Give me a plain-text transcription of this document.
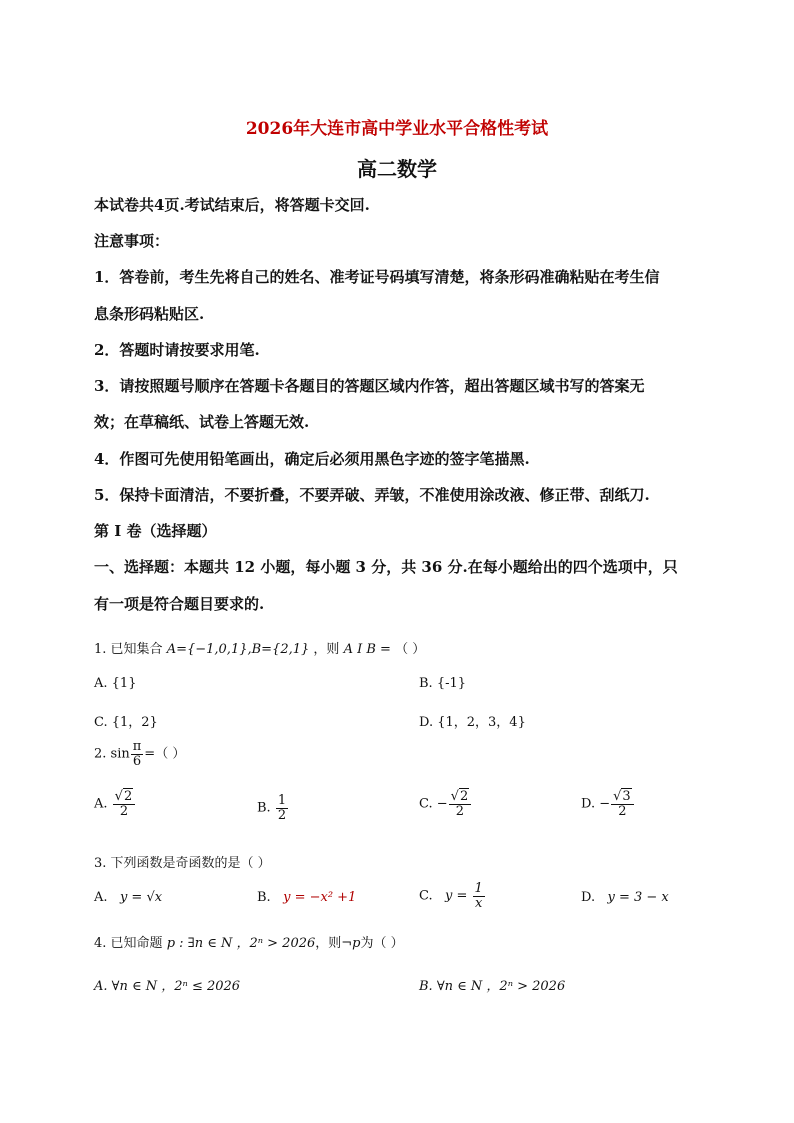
2026年大连市高中学业水平合格性考试
高二数学
本试卷共4页.考试结束后，将答题卡交回.
注意事项：
1．答卷前，考生先将自己的姓名、准考证号码填写清楚，将条形码准确粘贴在考生信
息条形码粘贴区.
2．答题时请按要求用笔.
3．请按照题号顺序在答题卡各题目的答题区域内作答，超出答题区域书写的答案无
效；在草稿纸、试卷上答题无效.
4．作图可先使用铅笔画出，确定后必须用黑色字迹的签字笔描黑.
5．保持卡面清洁，不要折叠，不要弄破、弄皱，不准使用涂改液、修正带、刮纸刀.
第 I 卷（选择题）
一、选择题：本题共 12 小题，每小题 3 分，共 36 分.在每小题给出的四个选项中，只
有一项是符合题目要求的.
1. 已知集合 A={−1,0,1},B={2,1} ，则 A I B = （ ）
A. {1}	B. {-1}
C. {1，2}	D. {1，2，3，4}
2. $\sin \frac{\pi}{6}$ =（ ）
A. $\frac{√2}{2}$	B. $\frac{1}{2}$	C. − $\frac{√2}{2}$	D. − $\frac{√3}{2}$
3. 下列函数是奇函数的是（ ）
A. y = √x	B. y = −x² +1	C. $y = \frac{1}{x}$	D. y = 3 − x
4. 已知命题 p : ∃n ∈ N ，2ⁿ > 2026，则¬p为（ ）
A. ∀n ∈ N ，2ⁿ ≤ 2026	B. ∀n ∈ N ，2ⁿ > 2026
